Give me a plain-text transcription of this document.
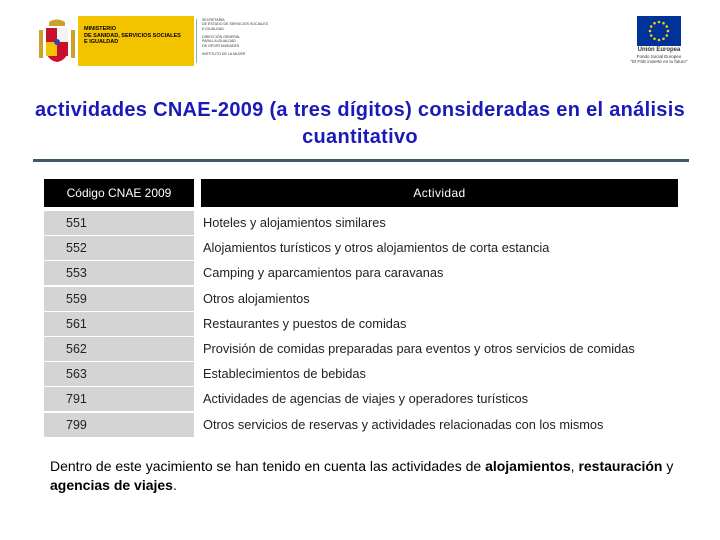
MINISTERIO
DE SANIDAD, SERVICIOS SOCIALES
E IGUALDAD
SECRETARÍA
DE ESTADO DE SERVICIOS SOCIALES
E IGUALDAD

DIRECCIÓN GENERAL
PARA LA IGUALDAD
DE OPORTUNIDADES

INSTITUTO DE LA MUJER
Unión Europea
Fondo Social Europeo
"El FSE invierte en tu futuro"
actividades CNAE-2009 (a tres dígitos) consideradas en el análisis cuantitativo
Código CNAE 2009	Actividad
551	Hoteles y alojamientos similares
552	Alojamientos turísticos y otros alojamientos de corta estancia
553	Camping y aparcamientos para caravanas
559	Otros alojamientos
561	Restaurantes y puestos de comidas
562	Provisión de comidas preparadas para eventos y otros servicios de comidas
563	Establecimientos de bebidas
791	Actividades de agencias de viajes y operadores turísticos
799	Otros servicios de reservas y actividades relacionadas con los mismos

Dentro de este yacimiento se han tenido en cuenta las actividades de alojamientos, restauración y agencias de viajes.
